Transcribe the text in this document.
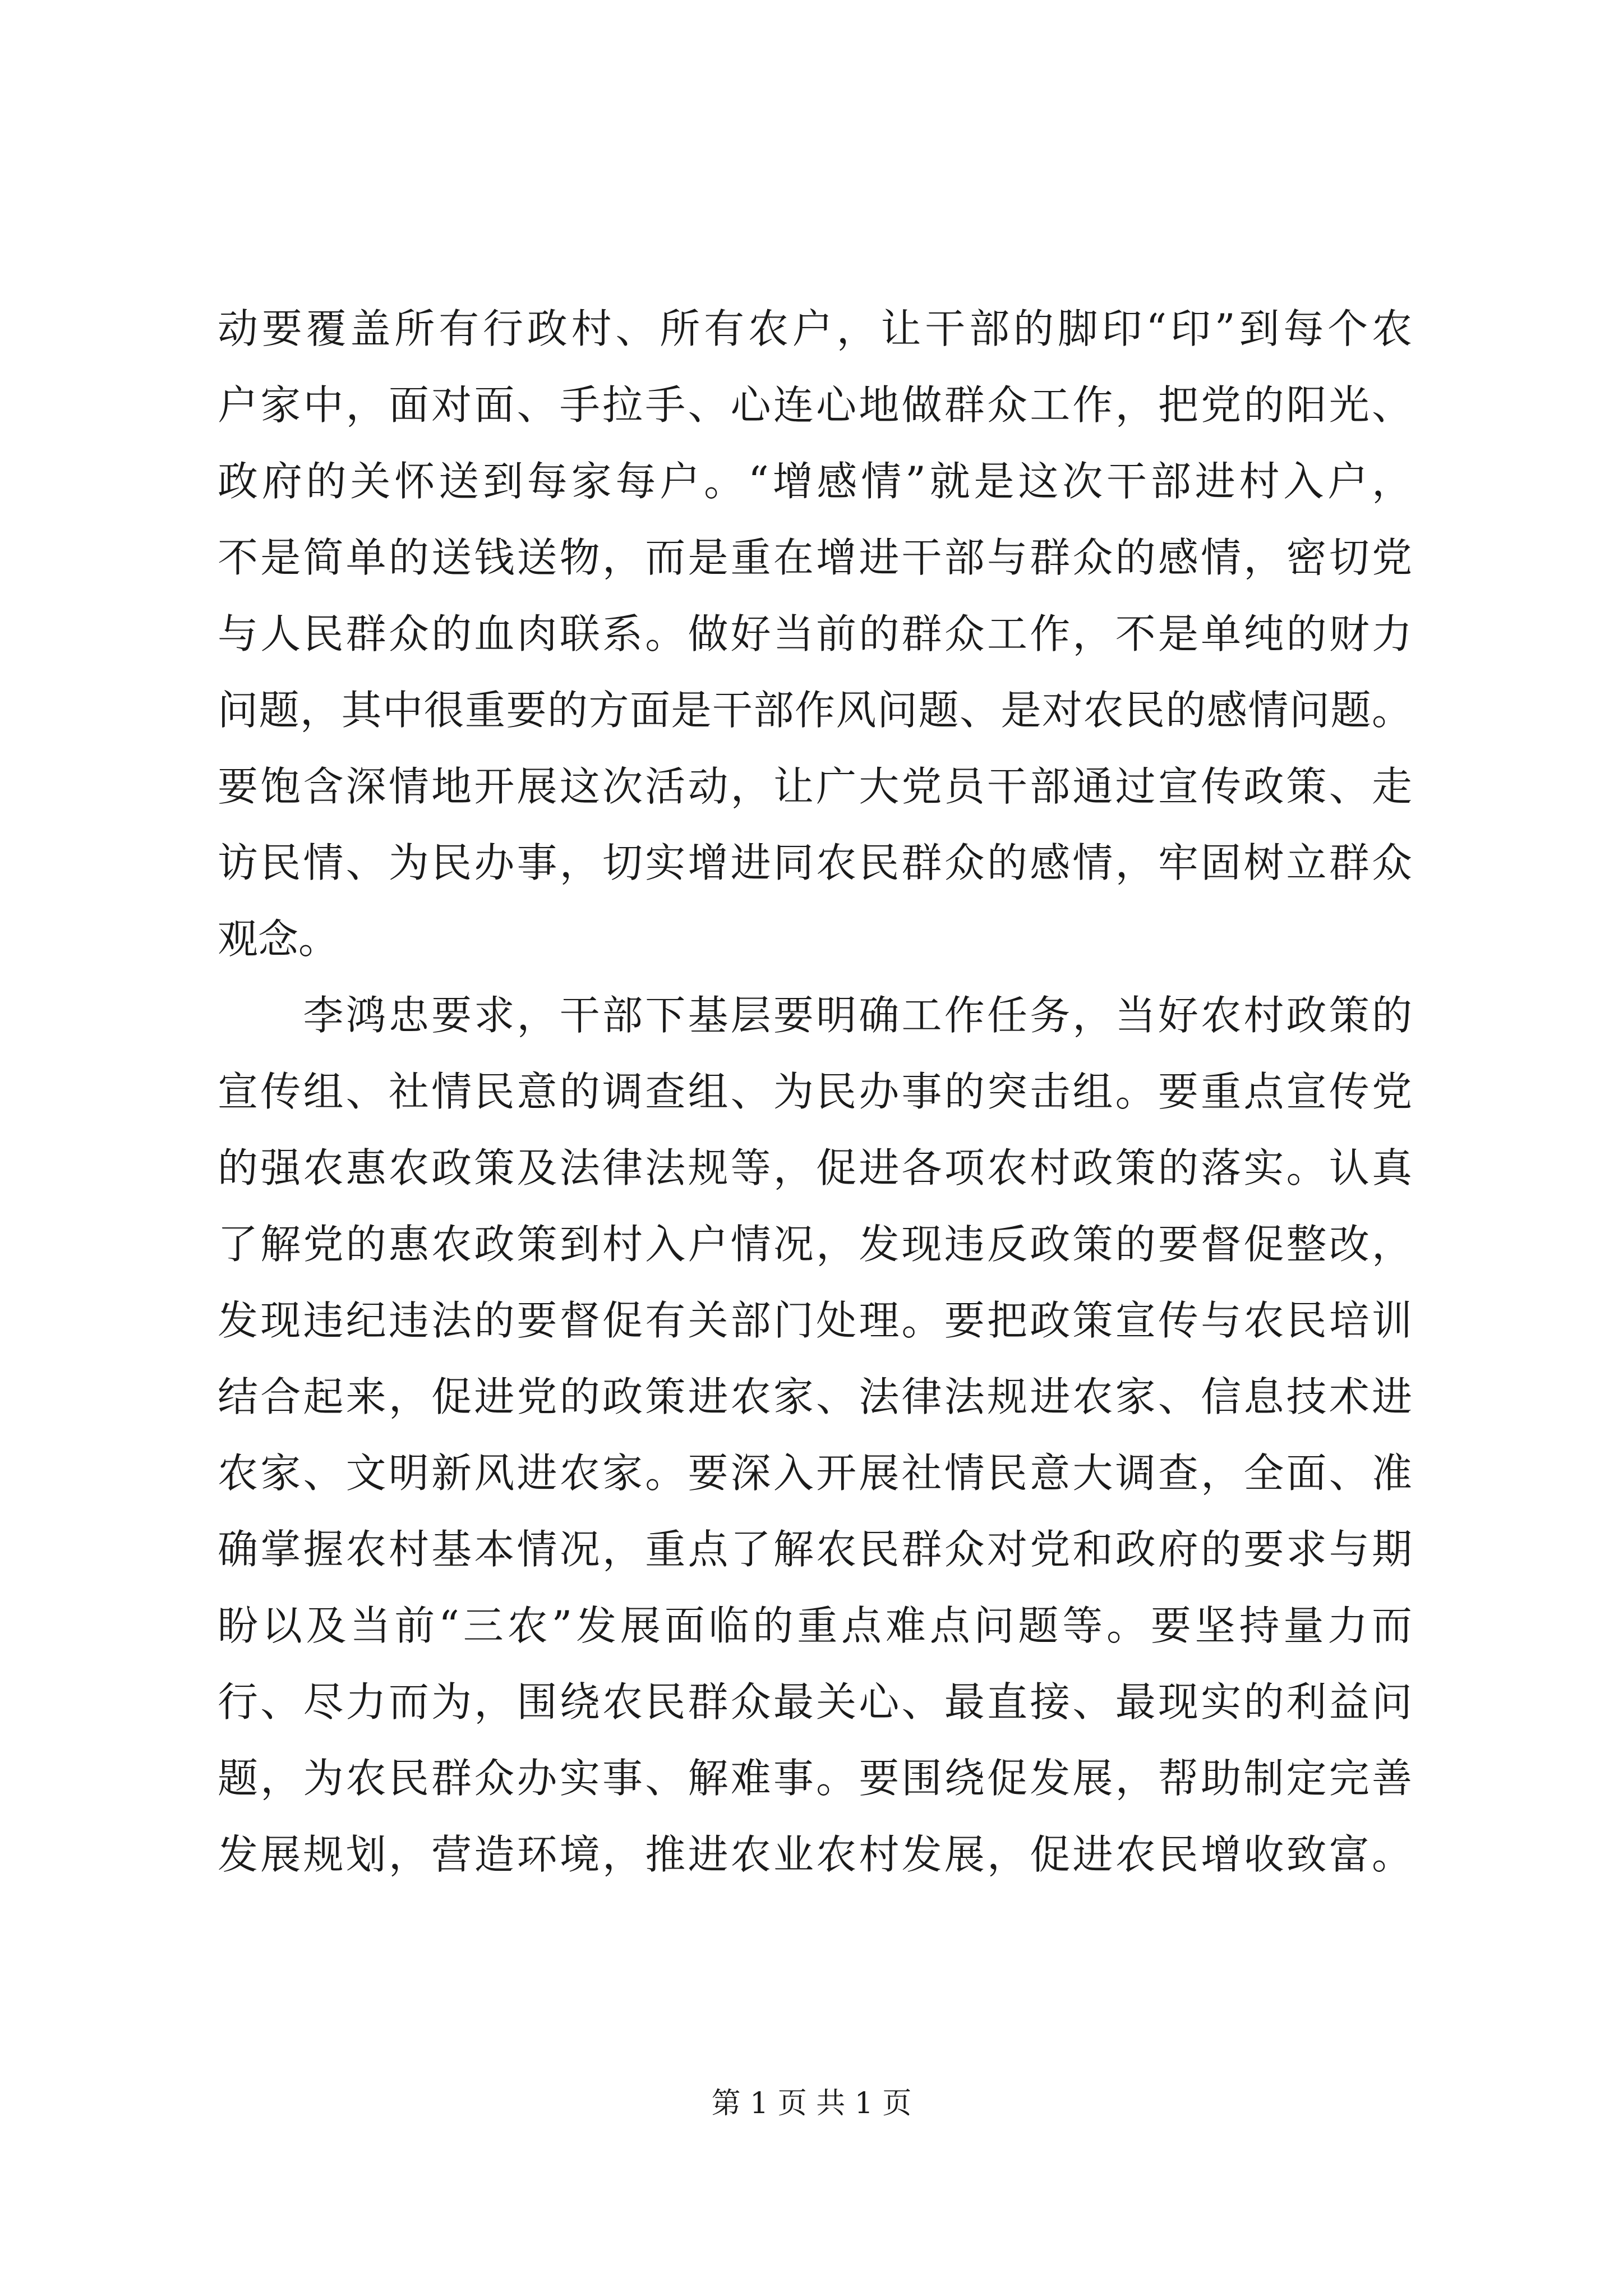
动要覆盖所有行政村、所有农户，让干部的脚印“印”到每个农
户家中，面对面、手拉手、心连心地做群众工作，把党的阳光、
政府的关怀送到每家每户。“增感情”就是这次干部进村入户，
不是简单的送钱送物，而是重在增进干部与群众的感情，密切党
与人民群众的血肉联系。做好当前的群众工作，不是单纯的财力
问题，其中很重要的方面是干部作风问题、是对农民的感情问题。
要饱含深情地开展这次活动，让广大党员干部通过宣传政策、走
访民情、为民办事，切实增进同农民群众的感情，牢固树立群众
观念。
　　李鸿忠要求，干部下基层要明确工作任务，当好农村政策的
宣传组、社情民意的调查组、为民办事的突击组。要重点宣传党
的强农惠农政策及法律法规等，促进各项农村政策的落实。认真
了解党的惠农政策到村入户情况，发现违反政策的要督促整改，
发现违纪违法的要督促有关部门处理。要把政策宣传与农民培训
结合起来，促进党的政策进农家、法律法规进农家、信息技术进
农家、文明新风进农家。要深入开展社情民意大调查，全面、准
确掌握农村基本情况，重点了解农民群众对党和政府的要求与期
盼以及当前“三农”发展面临的重点难点问题等。要坚持量力而
行、尽力而为，围绕农民群众最关心、最直接、最现实的利益问
题，为农民群众办实事、解难事。要围绕促发展，帮助制定完善
发展规划，营造环境，推进农业农村发展，促进农民增收致富。
第 1 页 共 1 页
